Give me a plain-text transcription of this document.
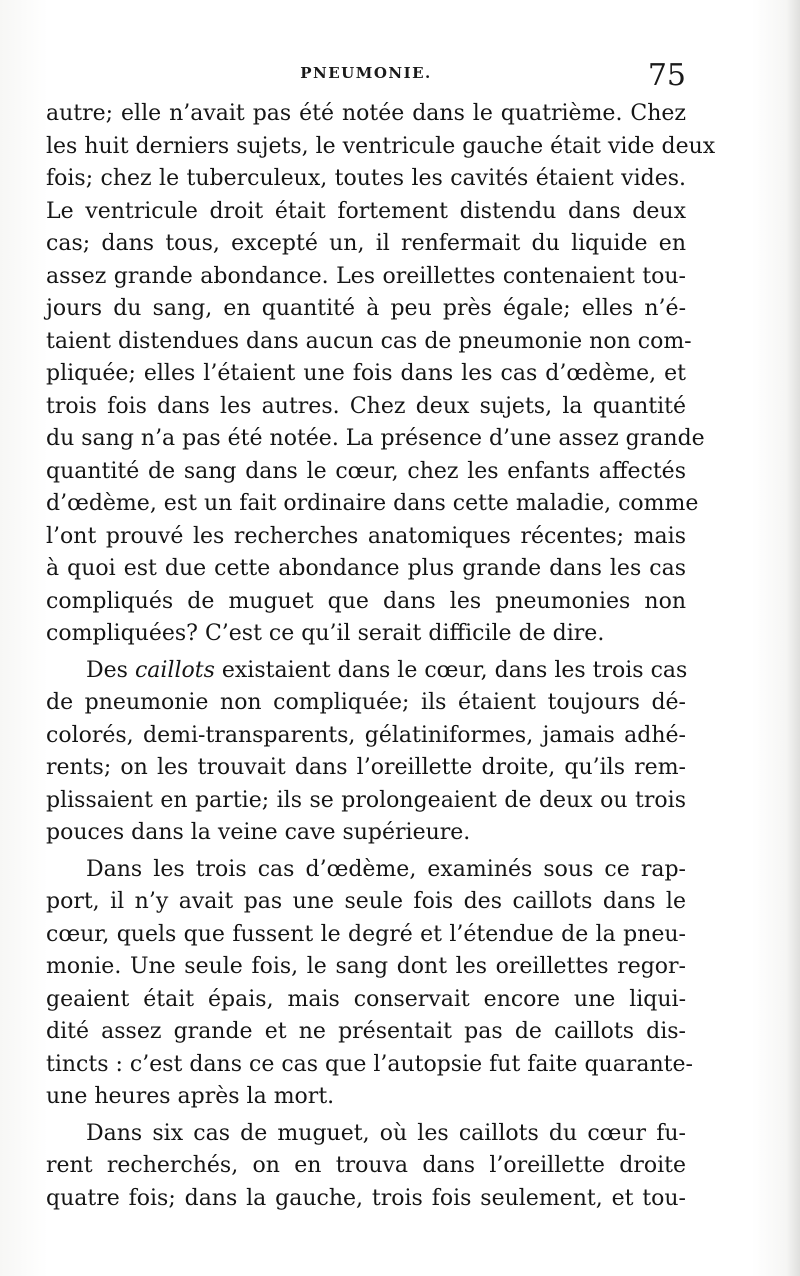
PNEUMONIE.	75
autre; elle n’avait pas été notée dans le quatrième. Chez
les huit derniers sujets, le ventricule gauche était vide deux
fois; chez le tuberculeux, toutes les cavités étaient vides.
Le ventricule droit était fortement distendu dans deux
cas; dans tous, excepté un, il renfermait du liquide en
assez grande abondance. Les oreillettes contenaient tou-
jours du sang, en quantité à peu près égale; elles n’é-
taient distendues dans aucun cas de pneumonie non com-
pliquée; elles l’étaient une fois dans les cas d’œdème, et
trois fois dans les autres. Chez deux sujets, la quantité
du sang n’a pas été notée. La présence d’une assez grande
quantité de sang dans le cœur, chez les enfants affectés
d’œdème, est un fait ordinaire dans cette maladie, comme
l’ont prouvé les recherches anatomiques récentes; mais
à quoi est due cette abondance plus grande dans les cas
compliqués de muguet que dans les pneumonies non
compliquées? C’est ce qu’il serait difficile de dire.
Des caillots existaient dans le cœur, dans les trois cas
de pneumonie non compliquée; ils étaient toujours dé-
colorés, demi-transparents, gélatiniformes, jamais adhé-
rents; on les trouvait dans l’oreillette droite, qu’ils rem-
plissaient en partie; ils se prolongeaient de deux ou trois
pouces dans la veine cave supérieure.
Dans les trois cas d’œdème, examinés sous ce rap-
port, il n’y avait pas une seule fois des caillots dans le
cœur, quels que fussent le degré et l’étendue de la pneu-
monie. Une seule fois, le sang dont les oreillettes regor-
geaient était épais, mais conservait encore une liqui-
dité assez grande et ne présentait pas de caillots dis-
tincts : c’est dans ce cas que l’autopsie fut faite quarante-
une heures après la mort.
Dans six cas de muguet, où les caillots du cœur fu-
rent recherchés, on en trouva dans l’oreillette droite
quatre fois; dans la gauche, trois fois seulement, et tou-
